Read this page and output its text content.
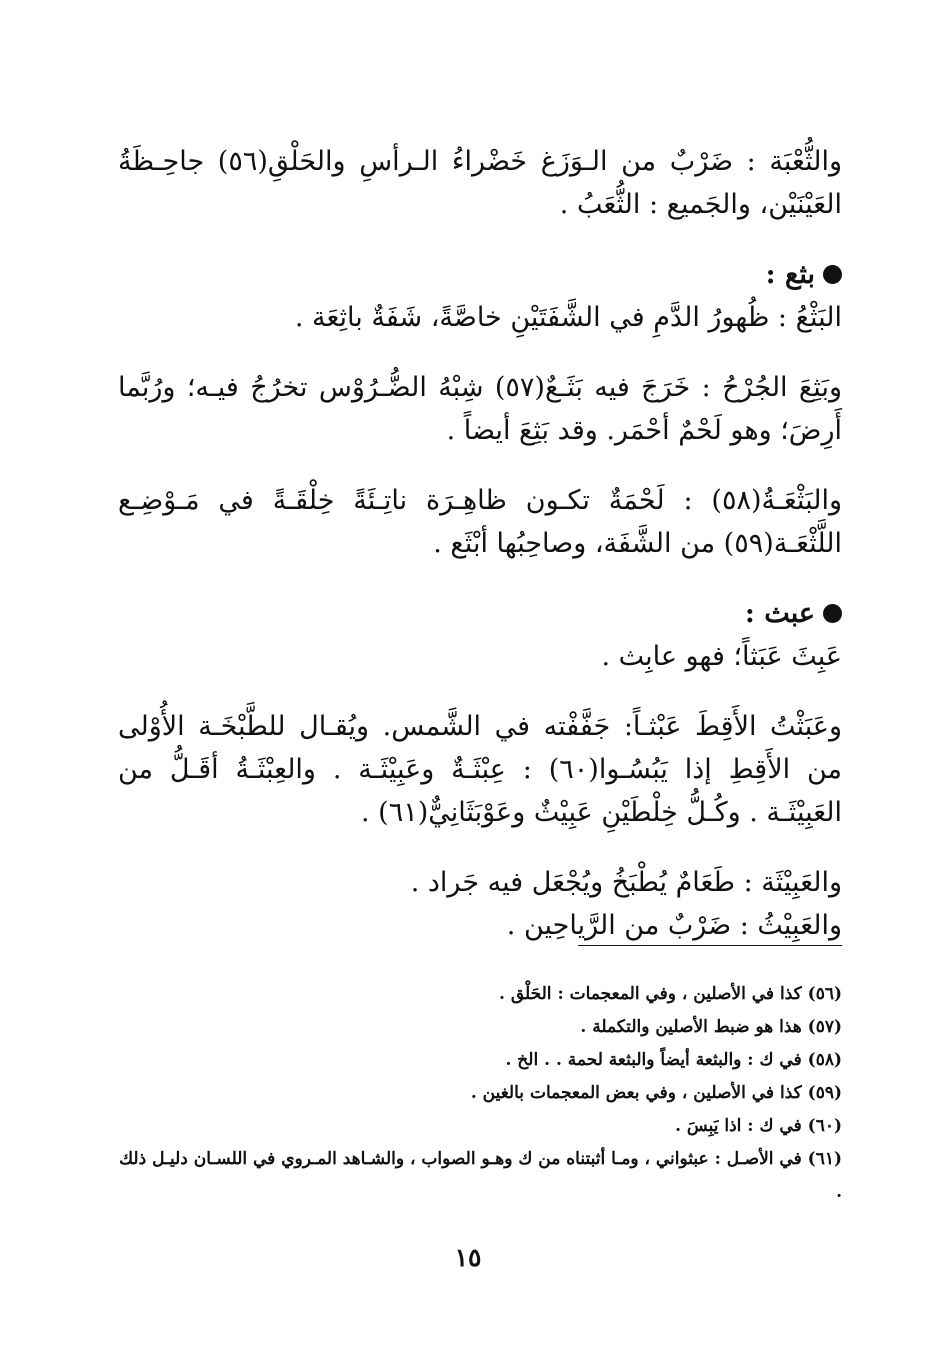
والثُّعْبَة : ضَرْبٌ من الـوَزَغ خَضْراءُ الـرأسِ والحَلْقِ(٥٦) جاحِـظَةُ العَيْنَيْن، والجَميع : الثُّعَبُ .

بثع :

البَثْعُ : ظُهورُ الدَّمِ في الشَّفَتَيْنِ خاصَّةً، شَفَةٌ باثِعَة .

وبَثِعَ الجُرْحُ : خَرَجَ فيه بَثَـعٌ(٥٧) شِبْهُ الضُّـرُوْس تخرُجُ فيـه؛ ورُبَّما أَرِضَ؛ وهو لَحْمٌ أحْمَر. وقد بَثِعَ أيضاً .

والبَثْعَـةُ(٥٨) : لَحْمَةٌ تكـون ظاهِـرَة ناتِـئَةً خِلْقَـةً في مَـوْضِـع اللَّثْعَـة(٥٩) من الشَّفَة، وصاحِبُها أبْثَع .

عبث :

عَبِثَ عَبَثاً؛ فهو عابِث .

وعَبَثْتُ الأَقِطَ عَبْثـاً: جَفَّفْته في الشَّمس. ويُقـال للطَّبْخَـة الأُوْلى من الأَقِطِ إذا يَبُسُـوا(٦٠) : عِبْثَـةٌ وعَبِيْثَـة . والعِبْثَـةُ أقَـلُّ من العَبِيْثَـة . وكُـلُّ خِلْطَيْنِ عَبِيْثٌ وعَوْبَثَانِيٌّ(٦١) .

والعَبِيْثَة : طَعَامٌ يُطْبَخُ ويُجْعَل فيه جَراد .

والعَبِيْثُ : ضَرْبٌ من الرَّياحِين .

(٥٦) كذا في الأصلين ، وفي المعجمات : الحَلْق .

(٥٧) هذا هو ضبط الأصلين والتكملة .

(٥٨) في ك : والبثعة أيضاً والبثعة لحمة . . الخ .

(٥٩) كذا في الأصلين ، وفي بعض المعجمات بالغين .

(٦٠) في ك : اذا يَبِسَ .

(٦١) في الأصـل : عبثواني ، ومـا أثبتناه من ك وهـو الصواب ، والشـاهد المـروي في اللسـان دليـل ذلك .

١٥
